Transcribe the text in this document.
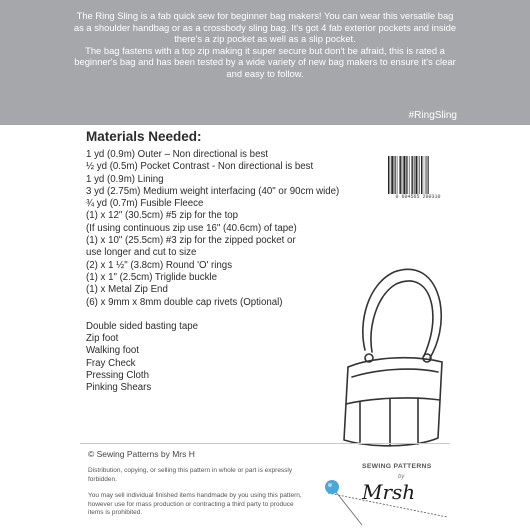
The Ring Sling is a fab quick sew for beginner bag makers! You can wear this versatile bag as a shoulder handbag or as a crossbody sling bag. It's got 4 fab exterior pockets and inside there's a zip pocket as well as a slip pocket.

The bag fastens with a top zip making it super secure but don't be afraid, this is rated a beginner's bag and has been tested by a wide variety of new bag makers to ensure it's clear and easy to follow.

#RingSling
Materials Needed:
1 yd (0.9m) Outer – Non directional is best
½ yd (0.5m) Pocket Contrast - Non directional is best
1 yd (0.9m) Lining
3 yd (2.75m) Medium weight interfacing (40" or 90cm wide)
¾ yd (0.7m) Fusible Fleece
(1) x 12" (30.5cm) #5 zip for the top
(If using continuous zip use 16" (40.6cm) of tape)
(1) x 10" (25.5cm) #3 zip for the zipped pocket or
use longer and cut to size
(2) x 1 ½" (3.8cm) Round 'O' rings
(1) x 1" (2.5cm) Triglide buckle
(1) x Metal Zip End
(6) x 9mm x 8mm double cap rivets (Optional)
Double sided basting tape
Zip foot
Walking foot
Fray Check
Pressing Cloth
Pinking Shears
0 604565 200310
© Sewing Patterns by Mrs H

Distribution, copying, or selling this pattern in whole or part is expressly forbidden.

You may sell individual finished items handmade by you using this pattern, however use for mass production or contracting a third party to produce items is prohibited.

SEWING PATTERNS
by
Mrsh
